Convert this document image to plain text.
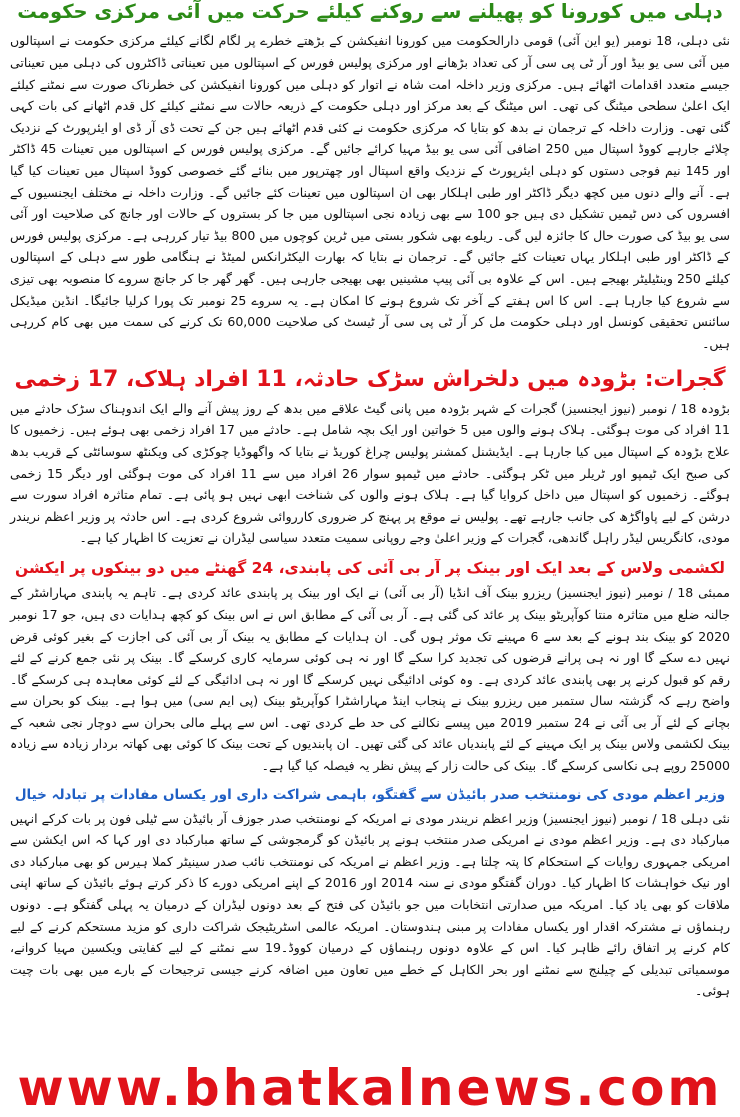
دہلی میں کورونا کو پھیلنے سے روکنے کیلئے حرکت میں آئی مرکزی حکومت

نئی دہلی، 18 نومبر (یو این آئی) قومی دارالحکومت میں کورونا انفیکشن کے بڑھتے خطرے پر لگام لگانے کیلئے مرکزی حکومت نے اسپتالوں میں آئی سی یو بیڈ اور آر ٹی پی سی آر کی تعداد بڑھانے اور مرکزی پولیس فورس کے اسپتالوں میں تعیناتی ڈاکٹروں کی دہلی میں تعیناتی جیسے متعدد اقدامات اٹھائے ہیں۔ مرکزی وزیر داخلہ امت شاہ نے اتوار کو دہلی میں کورونا انفیکشن کی خطرناک صورت سے نمٹنے کیلئے ایک اعلیٰ سطحی میٹنگ کی تھی۔ اس میٹنگ کے بعد مرکز اور دہلی حکومت کے ذریعہ حالات سے نمٹنے کیلئے کل قدم اٹھانے کی بات کہی گئی تھی۔ وزارت داخلہ کے ترجمان نے بدھ کو بتایا کہ مرکزی حکومت نے کئی قدم اٹھائے ہیں جن کے تحت ڈی آر ڈی او ایئرپورٹ کے نزدیک چلائے جارہے کووڈ اسپتال میں 250 اضافی آئی سی یو بیڈ مہیا کرائے جائیں گے۔ مرکزی پولیس فورس کے اسپتالوں میں تعینات 45 ڈاکٹر اور 145 نیم فوجی دستوں کو دہلی ایئرپورٹ کے نزدیک واقع اسپتال اور چھترپور میں بنائے گئے خصوصی کووڈ اسپتال میں تعینات کیا گیا ہے۔ آنے والے دنوں میں کچھ دیگر ڈاکٹر اور طبی اہلکار بھی ان اسپتالوں میں تعینات کئے جائیں گے۔ وزارت داخلہ نے مختلف ایجنسیوں کے افسروں کی دس ٹیمیں تشکیل دی ہیں جو 100 سے بھی زیادہ نجی اسپتالوں میں جا کر بستروں کے حالات اور جانچ کی صلاحیت اور آئی سی یو بیڈ کی صورت حال کا جائزہ لیں گی۔ ریلوے بھی شکور بستی میں ٹرین کوچوں میں 800 بیڈ تیار کررہی ہے۔ مرکزی پولیس فورس کے ڈاکٹر اور طبی اہلکار یہاں تعینات کئے جائیں گے۔ ترجمان نے بتایا کہ بھارت الیکٹرانکس لمیٹڈ نے ہنگامی طور سے دہلی کے اسپتالوں کیلئے 250 وینٹیلیٹر بھیجے ہیں۔ اس کے علاوہ بی آئی پیپ مشینیں بھی بھیجی جارہی ہیں۔ گھر گھر جا کر جانچ سروے کا منصوبہ بھی تیزی سے شروع کیا جارہا ہے۔ اس کا اس ہفتے کے آخر تک شروع ہونے کا امکان ہے۔ یہ سروے 25 نومبر تک پورا کرلیا جائیگا۔ انڈین میڈیکل سائنس تحقیقی کونسل اور دہلی حکومت مل کر آر ٹی پی سی آر ٹیسٹ کی صلاحیت 60,000 تک کرنے کی سمت میں بھی کام کررہی ہیں۔

گجرات: بڑودہ میں دلخراش سڑک حادثہ، 11 افراد ہلاک، 17 زخمی

بڑودہ 18 / نومبر (نیوز ایجنسیز) گجرات کے شہر بڑودہ میں پانی گیٹ علاقے میں بدھ کے روز پیش آنے والے ایک اندوہناک سڑک حادثے میں 11 افراد کی موت ہوگئی۔ ہلاک ہونے والوں میں 5 خواتین اور ایک بچہ شامل ہے۔ حادثے میں 17 افراد زخمی بھی ہوئے ہیں۔ زخمیوں کا علاج بڑودہ کے اسپتال میں کیا جارہا ہے۔ ایڈیشنل کمشنر پولیس چراغ کوریڈ نے بتایا کہ واگھوڈیا چوکڑی کی ویکنٹھ سوسائٹی کے قریب بدھ کی صبح ایک ٹیمپو اور ٹریلر میں ٹکر ہوگئی۔ حادثے میں ٹیمپو سوار 26 افراد میں سے 11 افراد کی موت ہوگئی اور دیگر 15 زخمی ہوگئے۔ زخمیوں کو اسپتال میں داخل کروایا گیا ہے۔ ہلاک ہونے والوں کی شناخت ابھی نہیں ہو پائی ہے۔ تمام متاثرہ افراد سورت سے درشن کے لیے پاواگڑھ کی جانب جارہے تھے۔ پولیس نے موقع پر پہنچ کر ضروری کارروائی شروع کردی ہے۔ اس حادثہ پر وزیر اعظم نریندر مودی، کانگریس لیڈر راہل گاندھی، گجرات کے وزیر اعلیٰ وجے روپانی سمیت متعدد سیاسی لیڈران نے تعزیت کا اظہار کیا ہے۔

لکشمی ولاس کے بعد ایک اور بینک پر آر بی آئی کی پابندی، 24 گھنٹے میں دو بینکوں پر ایکشن

ممبئی 18 / نومبر (نیوز ایجنسیز) ریزرو بینک آف انڈیا (آر بی آئی) نے ایک اور بینک پر پابندی عائد کردی ہے۔ تاہم یہ پابندی مہاراشٹر کے جالنہ ضلع میں متاثرہ منتا کوآپریٹو بینک پر عائد کی گئی ہے۔ آر بی آئی کے مطابق اس نے اس بینک کو کچھ ہدایات دی ہیں، جو 17 نومبر 2020 کو بینک بند ہونے کے بعد سے 6 مہینے تک موثر ہوں گی۔ ان ہدایات کے مطابق یہ بینک آر بی آئی کی اجازت کے بغیر کوئی قرض نہیں دے سکے گا اور نہ ہی پرانے قرضوں کی تجدید کرا سکے گا اور نہ ہی کوئی سرمایہ کاری کرسکے گا۔ بینک پر نئی جمع کرنے کے لئے رقم کو قبول کرنے پر بھی پابندی عائد کردی ہے۔ وہ کوئی ادائیگی نہیں کرسکے گا اور نہ ہی ادائیگی کے لئے کوئی معاہدہ ہی کرسکے گا۔ واضح رہے کہ گزشتہ سال ستمبر میں ریزرو بینک نے پنجاب اینڈ مہاراشٹرا کوآپریٹو بینک (پی ایم سی) میں ہوا ہے۔ بینک کو بحران سے بچانے کے لئے آر بی آئی نے 24 ستمبر 2019 میں پیسے نکالنے کی حد طے کردی تھی۔ اس سے پہلے مالی بحران سے دوچار نجی شعبہ کے بینک لکشمی ولاس بینک پر ایک مہینے کے لئے پابندیاں عائد کی گئی تھیں۔ ان پابندیوں کے تحت بینک کا کوئی بھی کھاتہ بردار زیادہ سے زیادہ 25000 روپے ہی نکاسی کرسکے گا۔ بینک کی حالت زار کے پیش نظر یہ فیصلہ کیا گیا ہے۔

وزیر اعظم مودی کی نومنتخب صدر بائیڈن سے گفتگو، باہمی شراکت داری اور یکساں مفادات پر تبادلہ خیال

نئی دہلی 18 / نومبر (نیوز ایجنسیز) وزیر اعظم نریندر مودی نے امریکہ کے نومنتخب صدر جوزف آر بائیڈن سے ٹیلی فون پر بات کرکے انہیں مبارکباد دی ہے۔ وزیر اعظم مودی نے امریکی صدر منتخب ہونے پر بائیڈن کو گرمجوشی کے ساتھ مبارکباد دی اور کہا کہ اس ایکشن سے امریکی جمہوری روایات کے استحکام کا پتہ چلتا ہے۔ وزیر اعظم نے امریکہ کی نومنتخب نائب صدر سینیٹر کملا ہیرس کو بھی مبارکباد دی اور نیک خواہشات کا اظہار کیا۔ دوران گفتگو مودی نے سنہ 2014 اور 2016 کے اپنے امریکی دورے کا ذکر کرتے ہوئے بائیڈن کے ساتھ اپنی ملاقات کو بھی یاد کیا۔ امریکہ میں صدارتی انتخابات میں جو بائیڈن کی فتح کے بعد دونوں لیڈران کے درمیان یہ پہلی گفتگو ہے۔ دونوں رہنماؤں نے مشترکہ اقدار اور یکساں مفادات پر مبنی ہندوستان۔ امریکہ عالمی اسٹریٹیجک شراکت داری کو مزید مستحکم کرنے کے لیے کام کرنے پر اتفاق رائے ظاہر کیا۔ اس کے علاوہ دونوں رہنماؤں کے درمیان کووڈ۔19 سے نمٹنے کے لیے کفایتی ویکسین مہیا کروانے، موسمیاتی تبدیلی کے چیلنج سے نمٹنے اور بحر الکاہل کے خطے میں تعاون میں اضافہ کرنے جیسی ترجیحات کے بارے میں بھی بات چیت ہوئی۔

www.bhatkalnews.com
